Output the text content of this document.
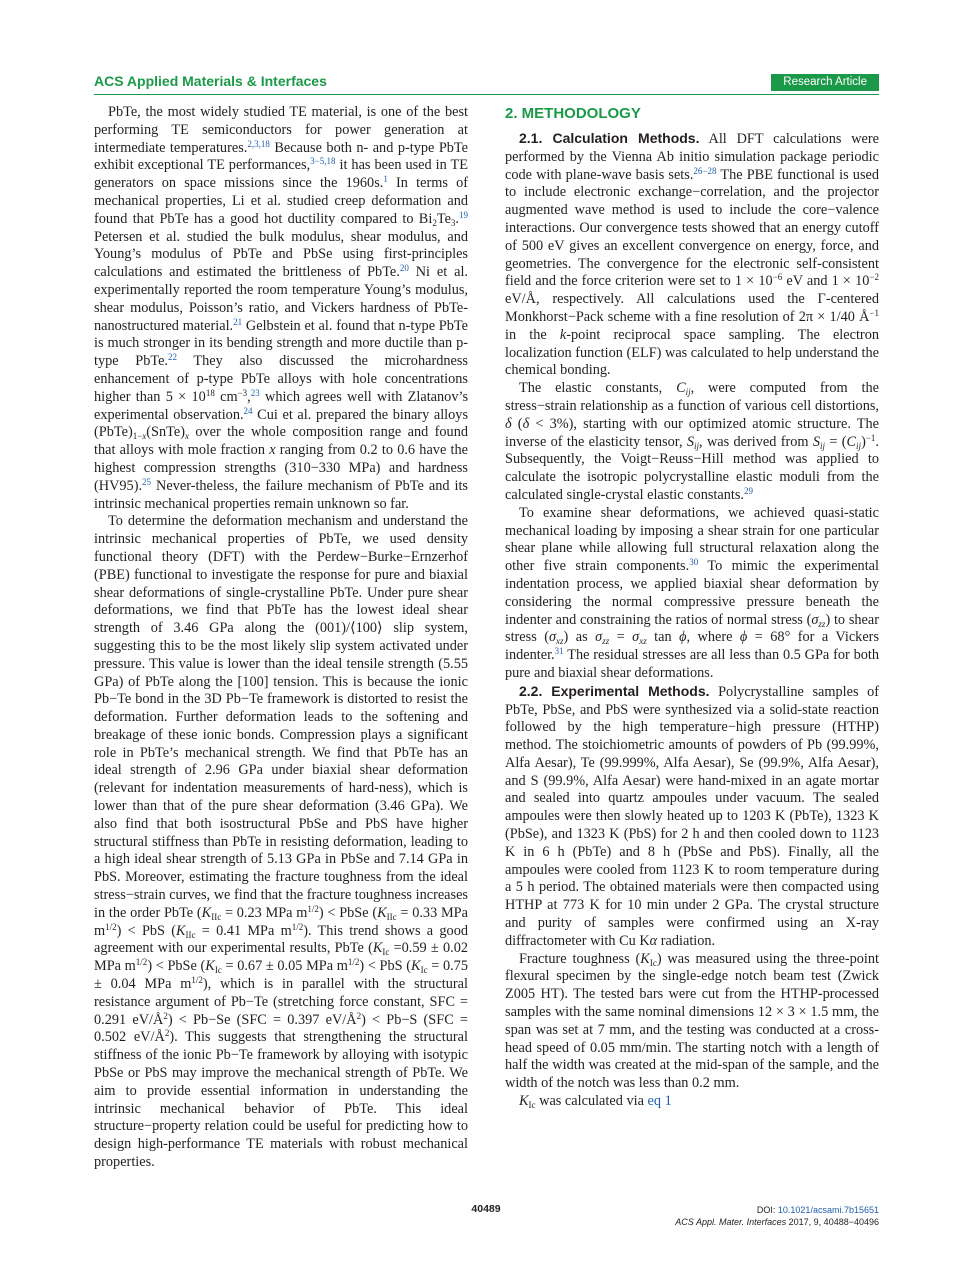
ACS Applied Materials & Interfaces	Research Article

PbTe, the most widely studied TE material, is one of the best performing TE semiconductors for power generation at intermediate temperatures.$^{2,3,18}$ Because both n- and p-type PbTe exhibit exceptional TE performances,$^{3-5,18}$ it has been used in TE generators on space missions since the 1960s.$^1$ In terms of mechanical properties, Li et al. studied creep deformation and found that PbTe has a good hot ductility compared to $Bi_2Te_3.^{19}$ Petersen et al. studied the bulk modulus, shear modulus, and Young’s modulus of PbTe and PbSe using first-principles calculations and estimated the brittleness of PbTe.$^{20}$ Ni et al. experimentally reported the room temperature Young’s modulus, shear modulus, Poisson’s ratio, and Vickers hardness of PbTe-nanostructured material.$^{21}$ Gelbstein et al. found that n-type PbTe is much stronger in its bending strength and more ductile than p-type PbTe.$^{22}$ They also discussed the microhardness enhancement of p-type PbTe alloys with hole concentrations higher than $5 \times 10^{18}$ $cm^{-3},^{23}$ which agrees well with Zlatanov’s experimental observation.$^{24}$ Cui et al. prepared the binary alloys $(PbTe)_{1-x}(SnTe)_x$ over the whole composition range and found that alloys with mole fraction x ranging from 0.2 to 0.6 have the highest compression strengths (310−330 MPa) and hardness (HV95).$^{25}$ Never-theless, the failure mechanism of PbTe and its intrinsic mechanical properties remain unknown so far.

To determine the deformation mechanism and understand the intrinsic mechanical properties of PbTe, we used density functional theory (DFT) with the Perdew−Burke−Ernzerhof (PBE) functional to investigate the response for pure and biaxial shear deformations of single-crystalline PbTe. Under pure shear deformations, we find that PbTe has the lowest ideal shear strength of 3.46 GPa along the (001)/⟨100⟩ slip system, suggesting this to be the most likely slip system activated under pressure. This value is lower than the ideal tensile strength (5.55 GPa) of PbTe along the [100] tension. This is because the ionic Pb−Te bond in the 3D Pb−Te framework is distorted to resist the deformation. Further deformation leads to the softening and breakage of these ionic bonds. Compression plays a significant role in PbTe’s mechanical strength. We find that PbTe has an ideal strength of 2.96 GPa under biaxial shear deformation (relevant for indentation measurements of hard-ness), which is lower than that of the pure shear deformation (3.46 GPa). We also find that both isostructural PbSe and PbS have higher structural stiffness than PbTe in resisting deformation, leading to a high ideal shear strength of 5.13 GPa in PbSe and 7.14 GPa in PbS. Moreover, estimating the fracture toughness from the ideal stress−strain curves, we find that the fracture toughness increases in the order PbTe ($K_{IIc} = 0.23$ MPa $m^{1/2}$) < PbSe ($K_{IIc} = 0.33$ MPa $m^{1/2}$) < PbS ($K_{IIc} = 0.41$ MPa $m^{1/2}$). This trend shows a good agreement with our experimental results, PbTe ($K_{Ic} =0.59 \pm 0.02$ MPa $m^{1/2}$) < PbSe ($K_{Ic} = 0.67 \pm 0.05$ MPa $m^{1/2}$) < PbS ($K_{Ic} = 0.75 \pm 0.04$ MPa $m^{1/2}$), which is in parallel with the structural resistance argument of Pb−Te (stretching force constant, SFC = 0.291 $eV/Å^2) < Pb-Se$ (SFC = 0.397 $eV/Å^2) < Pb-S$ (SFC = 0.502 $eV/Å^2$). This suggests that strengthening the structural stiffness of the ionic Pb−Te framework by alloying with isotypic PbSe or PbS may improve the mechanical strength of PbTe. We aim to provide essential information in understanding the intrinsic mechanical behavior of PbTe. This ideal structure−property relation could be useful for predicting how to design high-performance TE materials with robust mechanical properties.

2. METHODOLOGY

2.1. Calculation Methods. All DFT calculations were performed by the Vienna Ab initio simulation package periodic code with plane-wave basis sets.$^{26-28}$ The PBE functional is used to include electronic exchange−correlation, and the projector augmented wave method is used to include the core−valence interactions. Our convergence tests showed that an energy cutoff of 500 eV gives an excellent convergence on energy, force, and geometries. The convergence for the electronic self-consistent field and the force criterion were set to $1 \times 10^{-6}$ eV and $1 \times 10^{-2}$ eV/Å, respectively. All calculations used the Γ-centered Monkhorst−Pack scheme with a fine resolution of 2π × 1/40 $Å^{-1}$ in the k-point reciprocal space sampling. The electron localization function (ELF) was calculated to help understand the chemical bonding.

The elastic constants, $C_{ij}$, were computed from the stress−strain relationship as a function of various cell distortions, δ (δ < 3%), starting with our optimized atomic structure. The inverse of the elasticity tensor, $S_{ij}$, was derived from $S_{ij} = (C_{ij})^{-1}$. Subsequently, the Voigt−Reuss−Hill method was applied to calculate the isotropic polycrystalline elastic moduli from the calculated single-crystal elastic constants.$^{29}$

To examine shear deformations, we achieved quasi-static mechanical loading by imposing a shear strain for one particular shear plane while allowing full structural relaxation along the other five strain components.$^{30}$ To mimic the experimental indentation process, we applied biaxial shear deformation by considering the normal compressive pressure beneath the indenter and constraining the ratios of normal stress $(\sigma_{zz})$ to shear stress $(\sigma_{xz})$ as $\sigma_{zz} = \sigma_{xz}$ tan ϕ, where ϕ = 68° for a Vickers indenter.$^{31}$ The residual stresses are all less than 0.5 GPa for both pure and biaxial shear deformations.

2.2. Experimental Methods. Polycrystalline samples of PbTe, PbSe, and PbS were synthesized via a solid-state reaction followed by the high temperature−high pressure (HTHP) method. The stoichiometric amounts of powders of Pb (99.99%, Alfa Aesar), Te (99.999%, Alfa Aesar), Se (99.9%, Alfa Aesar), and S (99.9%, Alfa Aesar) were hand-mixed in an agate mortar and sealed into quartz ampoules under vacuum. The sealed ampoules were then slowly heated up to 1203 K (PbTe), 1323 K (PbSe), and 1323 K (PbS) for 2 h and then cooled down to 1123 K in 6 h (PbTe) and 8 h (PbSe and PbS). Finally, all the ampoules were cooled from 1123 K to room temperature during a 5 h period. The obtained materials were then compacted using HTHP at 773 K for 10 min under 2 GPa. The crystal structure and purity of samples were confirmed using an X-ray diffractometer with Cu Kα radiation.

Fracture toughness $(K_{Ic})$ was measured using the three-point flexural specimen by the single-edge notch beam test (Zwick Z005 HT). The tested bars were cut from the HTHP-processed samples with the same nominal dimensions 12 × 3 × 1.5 mm, the span was set at 7 mm, and the testing was conducted at a cross-head speed of 0.05 mm/min. The starting notch with a length of half the width was created at the mid-span of the sample, and the width of the notch was less than 0.2 mm.

$K_{Ic}$ was calculated via eq 1

40489	DOI: 10.1021/acsami.7b15651
ACS Appl. Mater. Interfaces 2017, 9, 40488−40496
